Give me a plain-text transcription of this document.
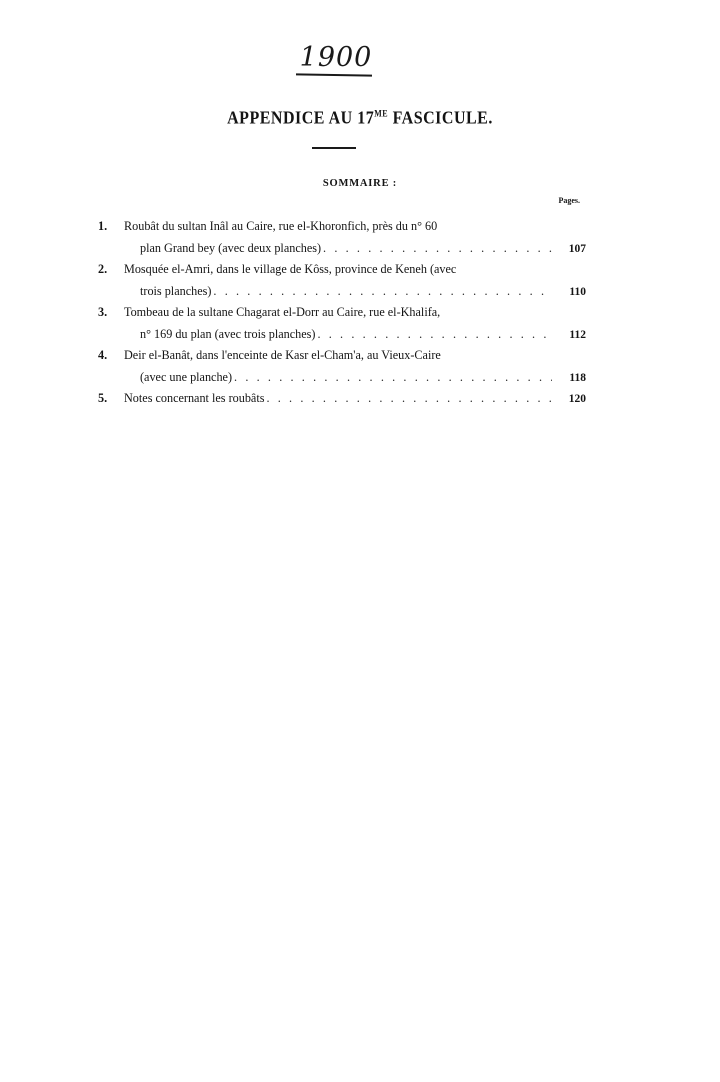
1900
APPENDICE AU $17^{ME}$ FASCICULE.
SOMMAIRE :
Pages.
1.	Roubât du sultan Inâl au Caire, rue el-Khoronfich, près du n° 60
plan Grand bey (avec deux planches) . . .	107
2.	Mosquée el-Amri, dans le village de Kôss, province de Keneh (avec
trois planches) . . .	110
3.	Tombeau de la sultane Chagarat el-Dorr au Caire, rue el-Khalifa,
n° 169 du plan (avec trois planches) . . .	112
4.	Deir el-Banât, dans l'enceinte de Kasr el-Cham'a, au Vieux-Caire
(avec une planche) . . .	118
5.	Notes concernant les roubâts . . .	120
